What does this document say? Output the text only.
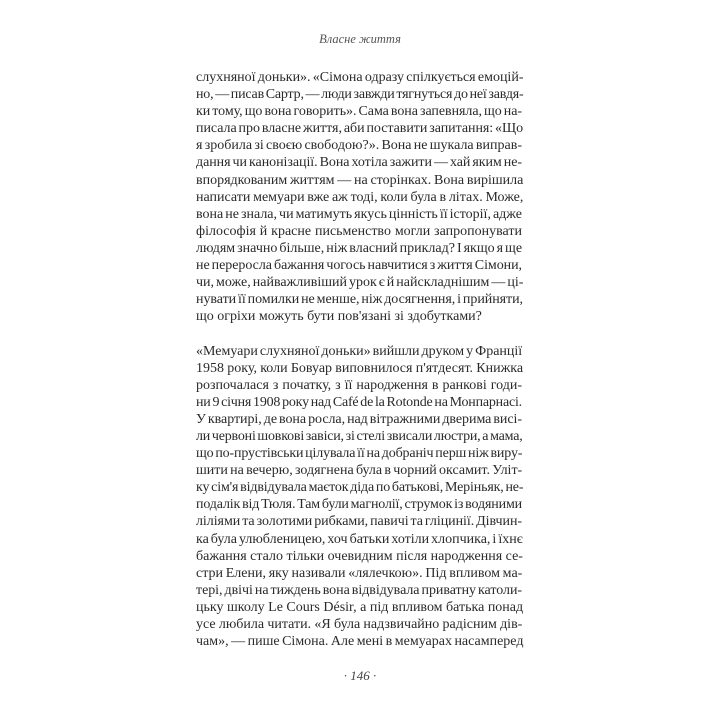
Власне життя
слухняної доньки». «Сімона одразу спілкується емоцій-
но, — писав Сартр, — люди завжди тягнуться до неї завдя-
ки тому, що вона говорить». Сама вона запевняла, що на-
писала про власне життя, аби поставити запитання: «Що
я зробила зі своєю свободою?». Вона не шукала виправ-
дання чи канонізації. Вона хотіла зажити — хай яким не-
впорядкованим життям — на сторінках. Вона вирішила
написати мемуари вже аж тоді, коли була в літах. Може,
вона не знала, чи матимуть якусь цінність її історії, адже
філософія й красне письменство могли запропонувати
людям значно більше, ніж власний приклад? І якщо я ще
не переросла бажання чогось навчитися з життя Сімони,
чи, може, найважливіший урок є й найскладнішим — ці-
нувати її помилки не менше, ніж досягнення, і прийняти,
що огріхи можуть бути пов'язані зі здобутками?
«Мемуари слухняної доньки» вийшли друком у Франції
1958 року, коли Бовуар виповнилося п'ятдесят. Книжка
розпочалася з початку, з її народження в ранкові годи-
ни 9 січня 1908 року над Café de la Rotonde на Монпарнасі.
У квартирі, де вона росла, над вітражними дверима висі-
ли червоні шовкові завіси, зі стелі звисали люстри, а мама,
що по-прустівськи цілувала її на добраніч перш ніж виру-
шити на вечерю, зодягнена була в чорний оксамит. Уліт-
ку сім'я відвідувала маєток діда по батькові, Меріньяк, не-
подалік від Тюля. Там були магнолії, струмок із водяними
ліліями та золотими рибками, павичі та гліцинії. Дівчин-
ка була улюбленицею, хоч батьки хотіли хлопчика, і їхнє
бажання стало тільки очевидним після народження се-
стри Елени, яку називали «лялечкою». Під впливом ма-
тері, двічі на тиждень вона відвідувала приватну католи-
цьку школу Le Cours Désir, а під впливом батька понад
усе любила читати. «Я була надзвичайно радісним дів-
чам», — пише Сімона. Але мені в мемуарах насамперед
· 146 ·
